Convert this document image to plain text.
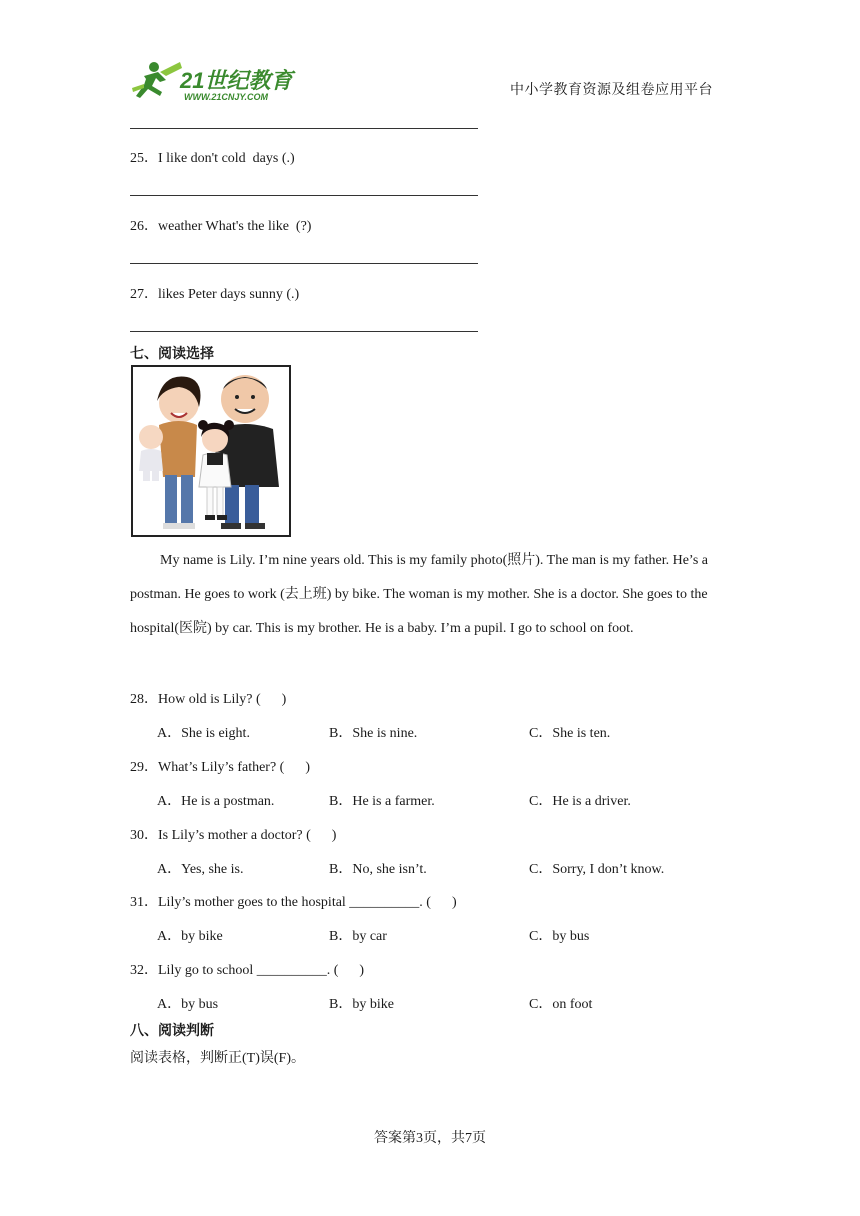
21世纪教育
WWW.21CNJY.COM	中小学教育资源及组卷应用平台
25．I like don't cold  days (.)
26．weather What's the like  (?)
27．likes Peter days sunny (.)
七、阅读选择
My name is Lily. I’m nine years old. This is my family photo(照片). The man is my father. He’s a postman. He goes to work (去上班) by bike. The woman is my mother. She is a doctor. She goes to the hospital(医院) by car. This is my brother. He is a baby. I’m a pupil. I go to school on foot.
28．How old is Lily? (      )
A．She is eight.	B．She is nine.	C．She is ten.
29．What’s Lily’s father? (      )
A．He is a postman.	B．He is a farmer.	C．He is a driver.
30．Is Lily’s mother a doctor? (      )
A．Yes, she is.	B．No, she isn’t.	C．Sorry, I don’t know.
31．Lily’s mother goes to the hospital __________. (      )
A．by bike	B．by car	C．by bus
32．Lily go to school __________. (      )
A．by bus	B．by bike	C．on foot
八、阅读判断
阅读表格，判断正(T)误(F)。
答案第3页，共7页
